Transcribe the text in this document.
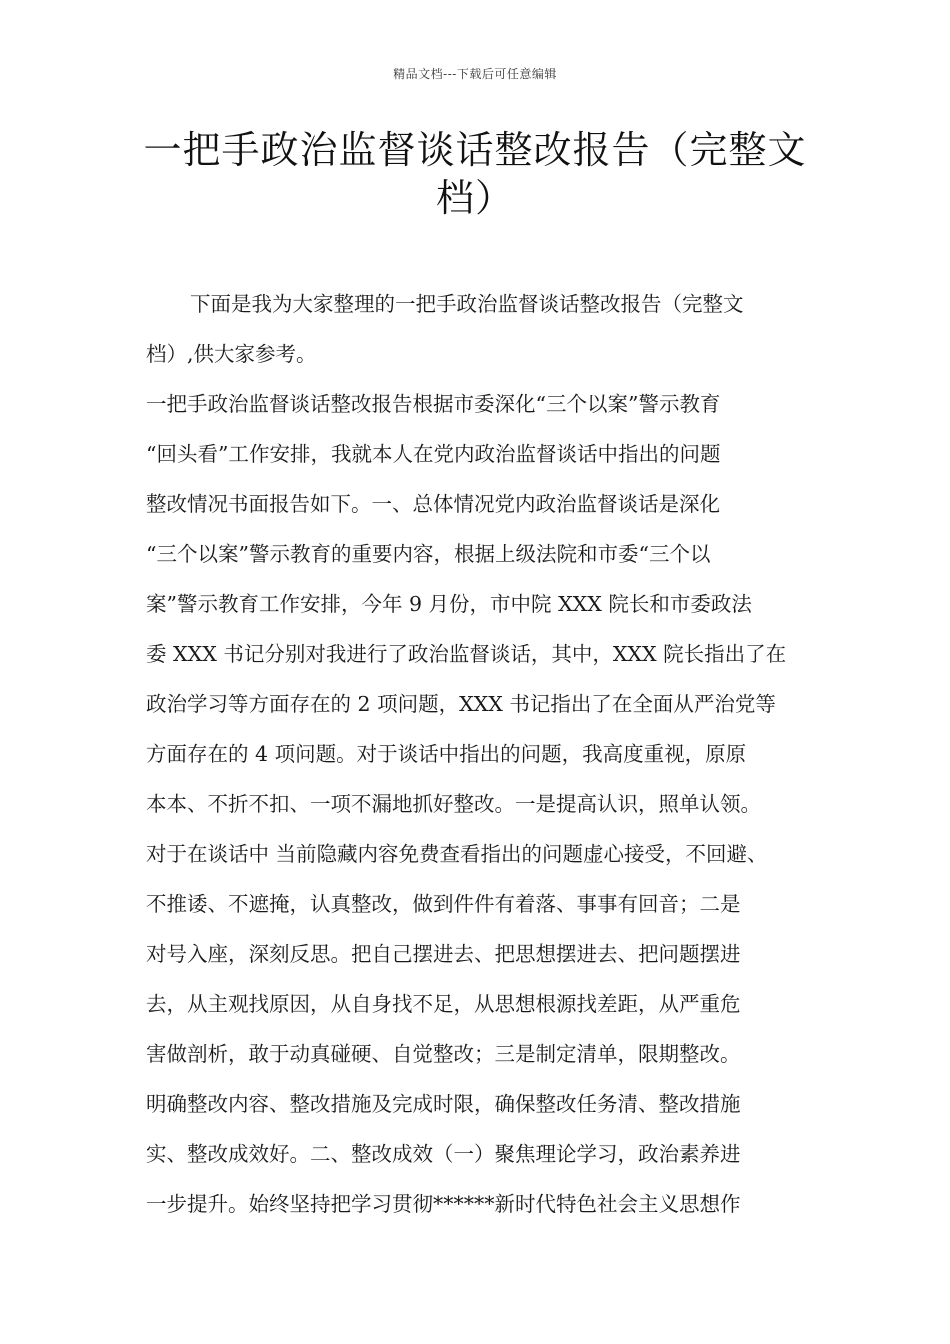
精品文档---下载后可任意编辑
一把手政治监督谈话整改报告（完整文
档）
下面是我为大家整理的一把手政治监督谈话整改报告（完整文
档）,供大家参考。
一把手政治监督谈话整改报告根据市委深化“三个以案”警示教育
“回头看”工作安排，我就本人在党内政治监督谈话中指出的问题
整改情况书面报告如下。一、总体情况党内政治监督谈话是深化
“三个以案”警示教育的重要内容，根据上级法院和市委“三个以
案”警示教育工作安排，今年 9 月份，市中院 XXX 院长和市委政法
委 XXX 书记分别对我进行了政治监督谈话，其中，XXX 院长指出了在
政治学习等方面存在的 2 项问题，XXX 书记指出了在全面从严治党等
方面存在的 4 项问题。对于谈话中指出的问题，我高度重视，原原
本本、不折不扣、一项不漏地抓好整改。一是提高认识，照单认领。
对于在谈话中 当前隐藏内容免费查看指出的问题虚心接受，不回避、
不推诿、不遮掩，认真整改，做到件件有着落、事事有回音；二是
对号入座，深刻反思。把自己摆进去、把思想摆进去、把问题摆进
去，从主观找原因，从自身找不足，从思想根源找差距，从严重危
害做剖析，敢于动真碰硬、自觉整改；三是制定清单，限期整改。
明确整改内容、整改措施及完成时限，确保整改任务清、整改措施
实、整改成效好。二、整改成效（一）聚焦理论学习，政治素养进
一步提升。始终坚持把学习贯彻******新时代特色社会主义思想作
